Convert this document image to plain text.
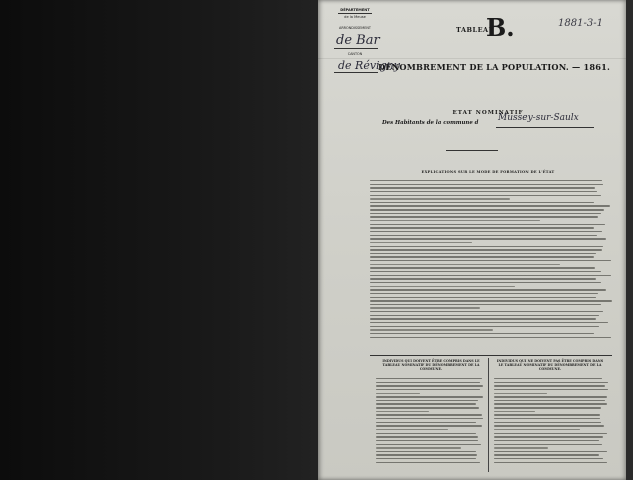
DÉPARTEMENT
de la Meuse
ARRONDISSEMENT
de Bar
CANTON
de Révigny
TABLEAU
B.	1881-3-1
DÉNOMBREMENT DE LA POPULATION. — 1861.
ETAT NOMINATIF
Des Habitants de la commune d Mussey-sur-Saulx
EXPLICATIONS SUR LE MODE DE FORMATION DE L'ÉTAT
INDIVIDUS QUI DOIVENT ÊTRE COMPRIS DANS LE TABLEAU NOMINATIF DU DÉNOMBREMENT DE LA COMMUNE.
INDIVIDUS QUI NE DOIVENT PAS ÊTRE COMPRIS DANS LE TABLEAU NOMINATIF DU DÉNOMBREMENT DE LA COMMUNE.
